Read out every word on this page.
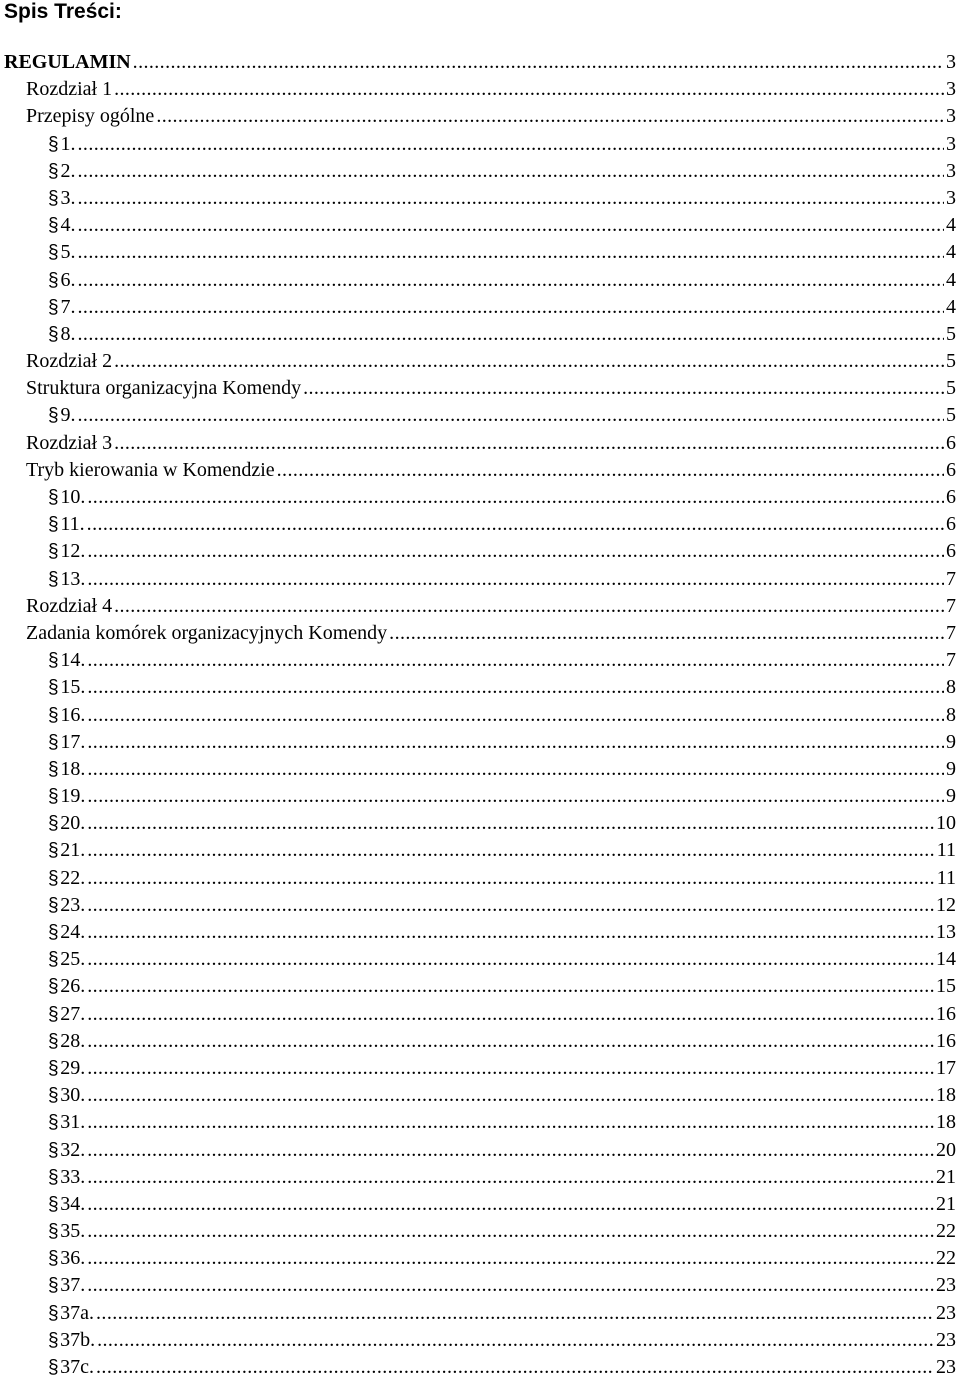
Spis Treści:
REGULAMIN .....	3
Rozdział 1 .....	3
Przepisy ogólne .....	3
§ 1. .....	3
§ 2. .....	3
§ 3. .....	3
§ 4. .....	4
§ 5. .....	4
§ 6. .....	4
§ 7. .....	4
§ 8. .....	5
Rozdział 2 .....	5
Struktura organizacyjna Komendy .....	5
§ 9. .....	5
Rozdział 3 .....	6
Tryb kierowania w Komendzie .....	6
§ 10. .....	6
§ 11. .....	6
§ 12. .....	6
§ 13. .....	7
Rozdział 4 .....	7
Zadania komórek organizacyjnych Komendy .....	7
§ 14. .....	7
§ 15. .....	8
§ 16. .....	8
§ 17. .....	9
§ 18. .....	9
§ 19. .....	9
§ 20. .....	10
§ 21. .....	11
§ 22. .....	11
§ 23. .....	12
§ 24. .....	13
§ 25. .....	14
§ 26. .....	15
§ 27. .....	16
§ 28. .....	16
§ 29. .....	17
§ 30. .....	18
§ 31. .....	18
§ 32. .....	20
§ 33. .....	21
§ 34. .....	21
§ 35. .....	22
§ 36. .....	22
§ 37. .....	23
§ 37a. .....	23
§ 37b. .....	23
§ 37c. .....	23
